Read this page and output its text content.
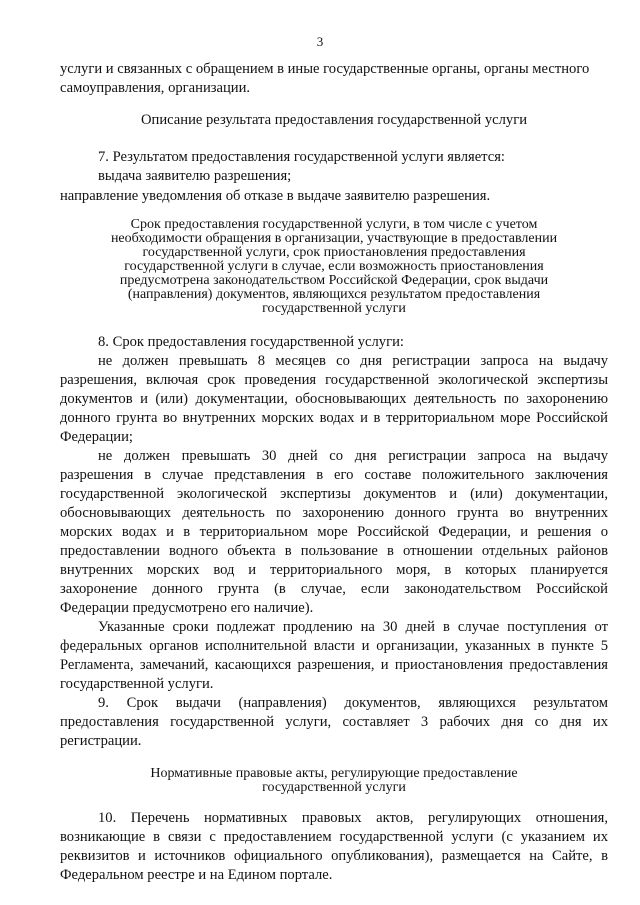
3
услуги и связанных с обращением в иные государственные органы, органы местного
самоуправления, организации.
Описание результата предоставления государственной услуги
7. Результатом предоставления государственной услуги является:
выдача заявителю разрешения;
направление уведомления об отказе в выдаче заявителю разрешения.
Срок предоставления государственной услуги, в том числе с учетом
необходимости обращения в организации, участвующие в предоставлении
государственной услуги, срок приостановления предоставления
государственной услуги в случае, если возможность приостановления
предусмотрена законодательством Российской Федерации, срок выдачи
(направления) документов, являющихся результатом предоставления
государственной услуги
8. Срок предоставления государственной услуги:
не должен превышать 8 месяцев со дня регистрации запроса на выдачу
разрешения, включая срок проведения государственной экологической экспертизы
документов и (или) документации, обосновывающих деятельность по захоронению
донного грунта во внутренних морских водах и в территориальном море Российской
Федерации;
не должен превышать 30 дней со дня регистрации запроса на выдачу
разрешения в случае представления в его составе положительного заключения
государственной экологической экспертизы документов и (или) документации,
обосновывающих деятельность по захоронению донного грунта во внутренних
морских водах и в территориальном море Российской Федерации, и решения о
предоставлении водного объекта в пользование в отношении отдельных районов
внутренних морских вод и территориального моря, в которых планируется
захоронение донного грунта (в случае, если законодательством Российской
Федерации предусмотрено его наличие).
Указанные сроки подлежат продлению на 30 дней в случае поступления от
федеральных органов исполнительной власти и организации, указанных в пункте 5
Регламента, замечаний, касающихся разрешения, и приостановления предоставления
государственной услуги.
9. Срок выдачи (направления) документов, являющихся результатом
предоставления государственной услуги, составляет 3 рабочих дня со дня их
регистрации.
Нормативные правовые акты, регулирующие предоставление
государственной услуги
10. Перечень нормативных правовых актов, регулирующих отношения,
возникающие в связи с предоставлением государственной услуги (с указанием их
реквизитов и источников официального опубликования), размещается на Сайте, в
Федеральном реестре и на Едином портале.
